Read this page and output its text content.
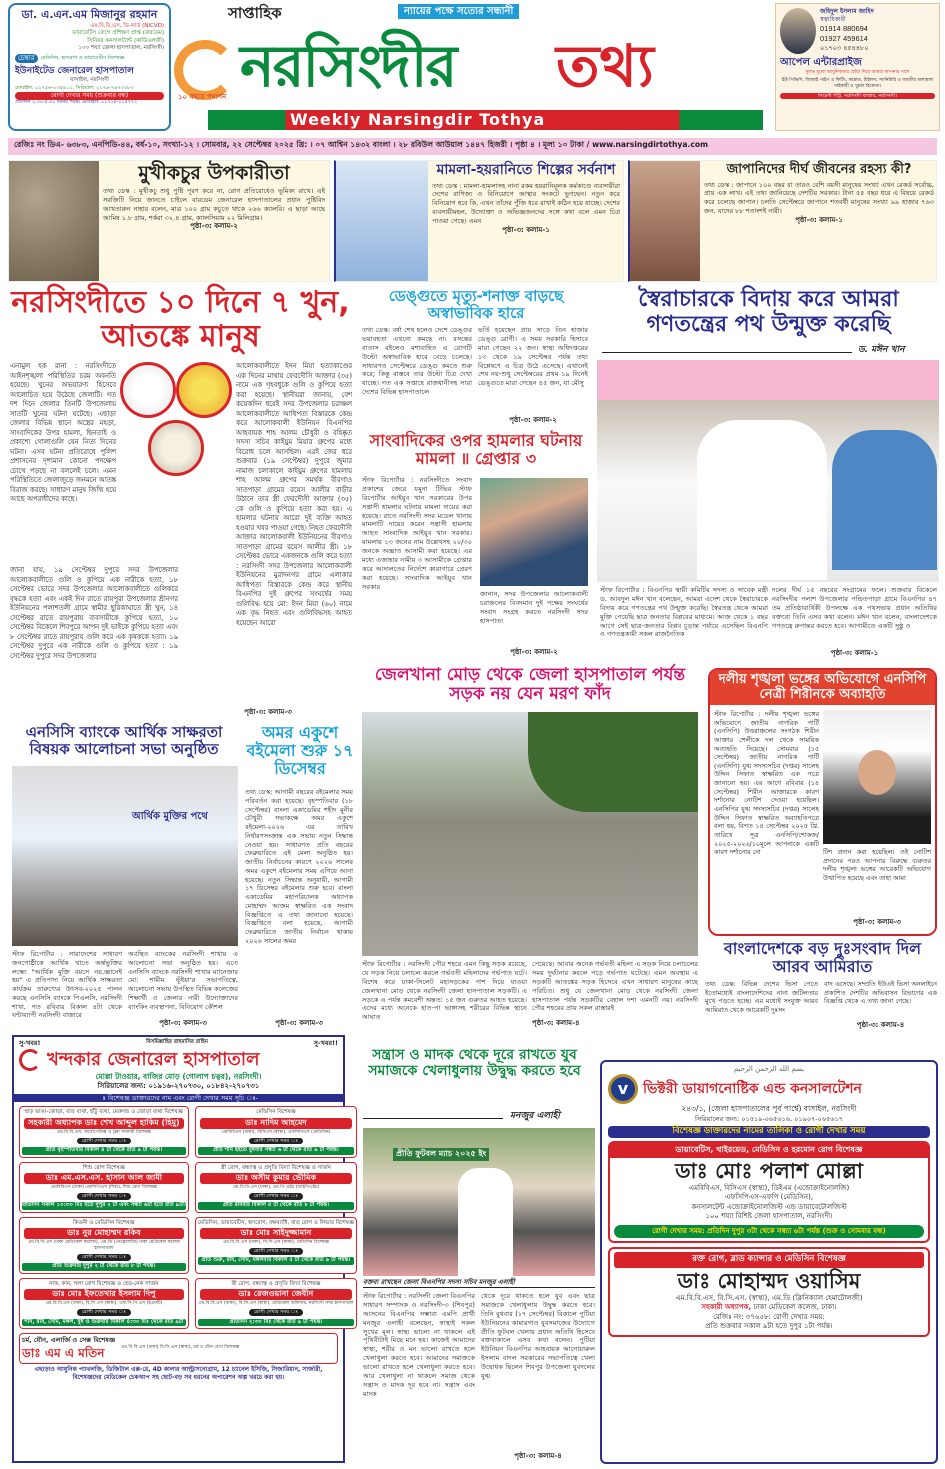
ডা. এ.এন.এম মিজানুর রহমান
এম,বি,বি,এস, ডি-কার্ড (NICVD)
ডায়াবেটিস রোগে প্রশিক্ষণ প্রাপ্ত (বারডেম)
সিনিয়র কনসালট্যান্ট (কার্ডিওলজী)
১০০ শয্যা জেলা হাসপাতাল, নরসিংদী।
চেম্বার	মেডিসিন, হৃদরোগ ও ডায়াবেটিস বিশেষজ্ঞ
ইউনাইটেড জেনারেল হাসপাতাল
বাসাইল, নরসিংদী
মোবাইল: ০১৭৫৬-০৩৫৪১০, সিরিয়াল: ০১৭৯-৭৪৭৩৩৮৩
রোগী দেখার সময় (শুক্রবার বন্ধ)
প্রতিদিন ২.৩০-৫.৩০ মিনিট পর্যন্ত। মোবাইল: ০১৭১৫-০২৫৭৭২
সাপ্তাহিক
১০ বছরে পদার্পন নরসিংদীর তথ্য
ন্যায়ের পক্ষে সত্যের সন্ধানী
Weekly Narsingdir Tothya
জহিদুল ইসলাম জাহিদ
স্বত্বাধিকারী
01914 880694
01927 459614
০১৭০৩ ৪৫৪৪৮০
আপেল এন্টারপ্রাইজ
সুলভ মূল্যে আধুনিকতার ছোঁয়া নিয়ে আমরা আপনার পাশে
ইউ পিভিসি, জিআই পাইপ ও ফিটিং, কমোড, টাইলস, স্যানিটারি ও যাবতীয় মালামাল পাইকারী ও খুচরা বিক্রেতা।
সিমেন্ট পট্টি, নরসিংদী বাজার, নরসিংদী।
রেজিঃ নং ডিএ- ৬৩৮৩, এনপিডি-৪৪, বর্ষ-১০, সংখ্যা-১২ । সোমবার, ২২ সেপ্টেম্বর ২০২৫ খ্রি: । ০৭ আশ্বিন ১৪৩২ বাংলা । ২৮ রবিউল আউয়াল ১৪৪৭ হিজরী । পৃষ্ঠা ৪ । মূল্য ১০ টাকা / www.narsingdirtothya.com
মুখীকচুর উপকারীতা
তথ্য ডেস্ক : মুখীকচু শুধু পুষ্টি পূরণ করে না, রোগ প্রতিরোধেও ভূমিকা রাখে। এই সবজিটি নিয়ে জানতে চাইলে বারডেম জেনারেল হাসপাতালের প্রধান পুষ্টিবিদ আখতারুন নাহার বলেন, মাত্র ১০০ গ্রাম কচুতে থাকে ২৬৬ ক্যালরি। এ ছাড়া আছে আমিষ ১.৮ গ্রাম, শর্করা ৩২.৪ গ্রাম, ক্যালসিয়াম ২২ মিলিগ্রাম।
পৃষ্ঠা-৩: কলাম-২
মামলা-হয়রানিতে শিল্পের সর্বনাশ
তথ্য ডেস্ক : মামলা-হামলাসহ নানা রকম হয়রানিমূলক কর্মকাণ্ডে ব্যবসায়ীরা দেশের বাণিজ্য ও বিনিয়োগে আস্থার সংকটে ভুগছেন। নতুন করে বিনিয়োগ হবে কি, এখন তাঁদের পুঁজি ধরে রাখাই কঠিন হয়ে যাচ্ছে। দেশের ব্যবসায়ীমহল, উদ্যোক্তা ও অভিজ্ঞজনদের সঙ্গে কথা বলে এমন চিত্র পাওয়া গেছে। এমন
পৃষ্ঠা-৩: কলাম-১
জাপানিদের দীর্ঘ জীবনের রহস্য কী?
তথ্য ডেস্ক : জাপানে ১০০ বছর বা তারও বেশি বয়সী মানুষের সংখ্যা এখন রেকর্ড সর্বোচ্চ, প্রায় এক লাখ। এই তথ্য জানিয়েছে দেশটির সরকার। টানা ৫৫ বছর ধরে এ বিষয়ে রেকর্ড করে চলেছে জাপান। চলতি সেপ্টেম্বরে জাপানে শতবর্ষী মানুষের সংখ্যা ৯৯ হাজার ৭৬৩ জন, যাদের ৮৮ শতাংশই নারী।
পৃষ্ঠা-৩: কলাম-১
নরসিংদীতে ১০ দিনে ৭ খুন, আতঙ্কে মানুষ
এনামুল হক রানা : নরসিংদীতে আইনশৃঙ্খলা পরিস্থিতির চরম অবনতি হয়েছে। খুনের অভয়ারণ্য হিসেবে আলোচিত হয়ে উঠেছে জেলাটি। গত দশ দিনে জেলার তিনটি উপজেলায় সাতটি খুনের ঘটনা ঘটেছে। এছাড়া জেলার বিভিন্ন স্থানে অস্ত্রের মহড়া, সাংবাদিকের উপর হামলা, ছিনতাই ও প্রকাশ্যে গোলাগুলি যেন নিত্য দিনের ঘটনা। এসব ঘটনা প্রতিরোধে পুলিশ প্রশাসনের দৃশ্যমান কোনো পদক্ষেপ চোখে পড়ছে না বললেই চলে। এমন পরিস্থিতিতে জেলাজুড়ে জনমনে আতঙ্ক বিরাজ করছে। সাধারণ মানুষ জিম্মি হয়ে আছে অপরাধীদের কাছে।
জানা যায়, ১৯ সেপ্টেম্বর দুপুরে সদর উপজেলার আলোকবালীতে গুলি ও কুপিয়ে এক নারীকে হত্যা, ১৮ সেপ্টেম্বর ভোরে সদর উপজেলার আলোকবালীতে গুলিকরে বৃদ্ধকে হত্যা এবং একই দিন রাতে রায়পুরা উপজেলার শ্রীনগর ইউনিয়নের পলাশতলী গ্রামে স্বামীর ছুরিকাঘাতে স্ত্রী খুন, ১৪ সেপ্টেম্বর রাতে রায়পুরায় ব্যবসায়ীকে কুপিয়ে হত্যা, ১০ সেপ্টেম্বর বিকেলে শিবপুরে আপন দুই ভাইকে কুপিয়ে হত্যা এবং ৮ সেপ্টেম্বর রাতে রায়পুরায় গুলি করে এক কৃষককে হত্যা। ১৯ সেপ্টেম্বর দুপুরে এক নারীকে গুলি ও কুপিয়ে হত্যা : ১৯ সেপ্টেম্বর দুপুরে সদর উপজেলার
আলোকবালীতে ইদন মিয়া হত্যাকাণ্ডের এক দিনের মাথায় ফেরদৌসি আক্তার (৩৫) নামে এক গৃহবধুকে গুলি ও কুপিয়ে হত্যা করা হয়েছে। স্থানীয়রা জানায়, বেশ কয়েকদিন ধরেই সদর উপজেলার চরাঞ্চল আলোকবালীতে আধিপত্য বিস্তারকে কেন্দ্র করে আলোকবালী ইউনিয়ন বিএনপির আহবায়ক শাহ আলম চৌধুরী ও বহিষ্কৃত সদস্য সচিব কাইয়ুম মিয়ার গ্রুপের মধ্যে বিরোধ চলে আসছিল। এরই জের ধরে শুক্রবার (১৯ সেপ্টেম্বর) দুপুরে জুমার নামাজ চলাকালে কাইয়ুম গ্রুপের হামলায় শাহ আলম গ্রুপের সমর্থক বীরগাও সাতপাড়া গ্রামের রয়েস আলীর বাড়ীর উঠানে তার স্ত্রী ফেরদৌসী আক্তার (৩৫) কে গুলি ও কুপিয়ে হত্যা করা হয়। এ হামলার ঘটনায় আরো দুই ব্যক্তি আহত হওয়ার খবর পাওয়া গেছে। নিহত ফেরদৌসী আক্তার আলোকবালী ইউনিয়নের বীরগাও সাতপাড়া গ্রামের রয়েস আলীর স্ত্রী। ১৮ সেপ্টেম্বর ভোরে একজনকে গুলি করে হত্যা : নরসিংদী সদর উপজেলার আলোকবালী ইউনিয়নের মুরাদনগর গ্রামে এলাকার আধিপত্য বিস্তারকে কেন্দ্র করে স্থানীয় বিএনপির দুই গ্রুপের সংঘর্ষের সময় গুলিবিদ্ধ হয়ে মো: ইদন মিয়া (৬০) নামে এক বৃদ্ধ নিহত এবং গুলিবিদ্ধসহ আহত হয়েছেন আরো
পৃষ্ঠা-৩: কলাম-৩
ডেঙ্গুতে মৃত্যু-শনাক্ত বাড়ছে অস্বাভাবিক হারে
তথ্য ডেস্ক: বর্ষা শেষ হলেও দেশে ডেঙ্গুর ভয়াবহতা এখনো কমছে না। বসন্তের বাতাস বইলেও মশাবাহিত এ রোগটি উল্টো অস্বাভাবিক হারে বেড়ে চলেছে। সাধারণত সেপ্টেম্বরে ডেঙ্গু কমতে শুরু করে; কিন্তু বাস্তবে তার উল্টো চিত্র দেখা যাচ্ছে। গত এক সপ্তাহে রাজধানীসহ সারা দেশের বিভিন্ন হাসপাতালে
ভর্তি হয়েছেন প্রায় সাড়ে তিন হাজার ডেঙ্গু রোগী। এ সময় সরকারি হিসাবে মারা গেছেন ২২ জন। স্বাস্থ্য অধিদপ্তরের ১৩ থেকে ১৯ সেপ্টেম্বর পর্যন্ত তথ্য বিশ্লেষণে এ চিত্র উঠে এসেছে। এখানেই শেষ নয়-শুধু সেপ্টেম্বরের প্রথম ১৯ দিনেই ডেঙ্গুতে মারা গেছেন ৪৫ জন, যা মৌসু
পৃষ্ঠা-৩: কলাম-২
সাংবাদিকের ওপর হামলার ঘটনায় মামলা ॥ গ্রেপ্তার ৩
স্টাফ রিপোর্টার : নরসিংদীতে সংবাদ প্রকাশের জেরে যমুনা টিভির স্টাফ রিপোর্টার আইয়ুব খান সরকারের উপর সন্ত্রাসী হামলার ঘটনায় মামলা দায়ের করা হয়েছে। রাতে নরসিংদী সদর মডেল থানায় মামলাটি দায়ের করেন সন্ত্রাসী হামলায় আহত সাংবাদিক আইয়ুব খান সরকার। মামলায় ১৩ জনের নাম উল্লেখসহ ২০/৩০ জনকে অজ্ঞাত আসামী করা হয়েছে। এর মধ্যে এজাহার নামীয় ৩ আসামীকে গ্রেপ্তার করে আদালতের নির্দেশে কারাগারে প্রেরণ করা হয়েছে। সাংবাদিক আইয়ুব খান সরকার
জানান, সদর উপজেলার আলোকবালী চরাঞ্চলের বিবদমান দুই পক্ষের সংঘর্ষের সংবাদ সংগ্রহ করতে নরসিংদী সদর হাসপাতা
পৃষ্ঠা-৩: কলাম-২
স্বৈরাচারকে বিদায় করে আমরা গণতন্ত্রের পথ উন্মুক্ত করেছি
ড. মঈন খান
স্টাফ রিপোর্টার : বিএনপির স্থায়ী কমিটির সদস্য ও সাবেক মন্ত্রী ড. আবদুল মঈন খান বলেছেন, আমরা এদেশ থেকে স্বৈরাচারকে বিদায় করে গণতন্ত্রের পথ উন্মুক্ত করেছি। স্বৈরতন্ত্র থেকে আমরা মুক্তি পেয়েছি ছাত্র জনতার বিপ্লবের মাধ্যমে। আজ থেকে ১ বছর আগে সেই ছাত্র-জনতার বিপ্লব চূড়ান্ত পর্যায়ে এসেছিল বিএনপি ও গণতন্ত্রকামী সকল রাজনৈতিক
দলের দীর্ঘ ১৫ বছরের সংগ্রামের ফলে। শুক্রবার বিকেলে নরসিংদীর পলাশ উপজেলার পন্ডিতপাড়া গ্রামে বিএনপির ৪৭ তম প্রতিষ্ঠাবার্ষিকী উপলক্ষে এক পথসভায় প্রধান অতিথির বক্তব্যে তিনি এসব কথা বলেন। মঈন খান বলেন, বাংলাদেশকে গণতন্ত্রে রুপান্তর করতে হবে। আগামীতে একটি সুষ্ঠু ও
পৃষ্ঠা-৩: কলাম-১
জেলখানা মোড় থেকে জেলা হাসপাতাল পর্যন্ত সড়ক নয় যেন মরণ ফাঁদ
স্টাফ রিপোর্টার : নরসিংদী পৌর শহরে এমন কিছু সড়ক রয়েছে, যে সড়ক নিয়ে চলাচল করলে গর্ভবতী মহিলাদের গর্ভপাত ঘটে। বিশেষ করে ঢাকা-সিলেট মহাসড়কের পাশ দিয়ে যাওয়া জেলখানা মোড় থেকে নরসিংদী জেলা হাসপাতাল সড়কটি। এ সড়কে এ পর্যন্ত কমবেশী অন্তত: ১৫ জন গুরুতর আহত হয়েছে। এদের মধ্যে অনেকে হাত-পা ভাঙ্গাসহ শরীরের বিভিন্ন স্থানে আঘাত
পেয়েছে। আবার অনেক গর্ভবতী মহিলা এ সড়ক নিয়ে চলাচলের সময় দুর্ঘটনার কবলে পড়ে গর্ভপাত ঘটেছে। এমন অবস্থায় এ সড়কটি আতঙ্কের সড়ক হিসেবে এখন সাধারণ মানুষের কাছে পরিচিত। শুধু যে জেলখানা মোড় থেকে নরসিংদী জেলা হাসপাতাল পর্যন্ত সড়কটির বেহাল দশা এমনটি নয়। নরসিংদী পৌর শহরের প্রায় সকল রাস্তারই
পৃষ্ঠা-৩: কলাম-৪
দলীয় শৃঙ্খলা ভঙ্গের অভিযোগে এনসিপি নেত্রী শিরীনকে অব্যাহতি
স্টাফ রিপোর্টার : দলীয় শৃঙ্খলা ভঙ্গের অভিযোগে জাতীয় নাগরিক পার্টি (এনসিপি) উত্তরাঞ্চলের সংগঠক শিরীন আক্তার শেলীকে দল থেকে সাময়িক অব্যাহতি দিয়েছে। সোমবার (১৫ সেপ্টেম্বর) জাতীয় নাগরিক পার্টি (এনসিপি) যুগ্ম সদস্যসচিব (দপ্তর) সালেহ উদ্দিন সিফাত স্বাক্ষরিত এক পত্রে জানানো হয়। এর আগে রবিবার (১৪ সেপ্টেম্বর) শিরীন আক্তারকে কারণ দর্শানোর নোটিশ দেওয়া হয়েছিল। এনসিপির যুগ্ম সদস্যসচিব (দপ্তর) সালেহ উদ্দিন সিফাত স্বাক্ষরিত অব্যাহতিপত্রে বলা হয়, বিগত ১৪ সেপ্টেম্বর ২০২৫ খ্রি. তারিখে সূত্র এনসিপি/শোকজ/২০২৫-২০২৬/১০মূলে আপনাকে একটি কারণ দর্শানোর নো	টিশ প্রদান করা হয়েছিল। ওই নোটিশ প্রদানের পরও আপনার বিরুদ্ধে গুরুতর দলীয় শৃঙ্খলা ভঙ্গের আরেকটি অভিযোগ উত্থাপিত হয়েছে এবং তাহা আমা
পৃষ্ঠা-৩: কলাম-৩
বাংলাদেশকে বড় দুঃসংবাদ দিল আরব আমিরাত
তথ্য ডেস্ক: বিভিন্ন দেশের ভিসা পেতে ইতোমধ্যেই বাংলাদেশিদের নানা জটিলতার মুখে পড়তে হচ্ছে। এর মধ্যেই সংযুক্ত আরব আমিরাত থেকে আরেকটি দুঃসং
বাদ এসেছে। সম্প্রতি ইউএই ভিসা অনলাইনে প্রকাশিত দেশটির অভিবাসন বিভাগের এক বিজ্ঞপ্তি থেকে এ তথ্য জানা গেছে।
পৃষ্ঠা-৩: কলাম-৪
এনসিসি ব্যাংকে আর্থিক সাক্ষরতা বিষয়ক আলোচনা সভা অনুষ্ঠিত
আর্থিক মুক্তির পথে
স্টাফ রিপোর্টার : সারাদেশের সাধারণ জনগোষ্ঠীকে আর্থিক খাতে অর্ন্তভুক্তির লক্ষ্যে "আর্থিক মুক্তি বয়সে নয়,জ্ঞানেই হয়" এ প্রতিপাদ্য নিয়ে আর্থিক সাক্ষরতা কার্যক্রম তারুণ্যের উৎসব-২০২৫ পালন করছে এনসিসি ব্যাংকে পিএলসি, নরসিংদী শাখা, গত রবিবার বিকাল ৪টা থেকে ঘন্টাব্যাপী নরসিংদী বাজারে
অবস্থিত ব্যাংকের নরসিংদী শাখায় এ আলোচনা সভা অনুষ্ঠিত হয়। এতে এনসিসি ব্যাংকে নরসিংদী শাখার ম্যানেজার মো: শামীম ভূঁইয়া'র সভাপতিত্বে, আলোচনা সভায় উপস্থিত বিভিন্ন কলেজের শিক্ষার্থী ও জেলার নারী উদ্যোক্তাদের ব্যাংকিং ব্যবস্থাপনা, বিনিয়োগ কৌশল
পৃষ্ঠা-৩: কলাম-৩
অমর একুশে বইমেলা শুরু ১৭ ডিসেম্বর
তথ্য ডেস্ক: আগামী বছরের বইমেলার সময় পরিবর্তন করা হয়েছে। বৃহস্পতিবার (১৮ সেপ্টেম্বর) বাংলা একাডেমির শহীদ মুনীর চৌধুরী সভাকক্ষে অমর একুশে বইমেলা-২০২৬ এর তারিখ নির্ধারণসংক্রান্ত এক সভায় নতুন সিদ্ধান্ত নেওয়া হয়। সাধারণত প্রতি বছরের ফেব্রুয়ারিতে এই মেলা অনুষ্ঠিত হয়। জাতীয় নির্বাচনের কারণে ২০২৬ সালের অমর একুশে বইমেলার সময় এগিয়ে আনা হয়েছে। নতুন সিদ্ধান্ত অনুযায়ী, আগামী ১৭ ডিসেম্বর বইমেলার শুরু হবে। বাংলা একাডেমির মহাপরিচালক অধ্যাপক মোহাম্মদ আজম স্বাক্ষরিত এক সংবাদ বিজ্ঞপ্তিতে এ তথ্য জানানো হয়েছে। বিজ্ঞপ্তিতে বলা হয়েছে, আগামী ফেব্রুয়ারিতে জাতীয় নির্বাচন থাকায় ২০২৬ সালের অমর
পৃষ্ঠা-৩: কলাম-৩
সু-খবর!	বিসমিল্লাহির রাহমানির রাহিম	সু-খবর!!
খন্দকার জেনারেল হাসপাতাল
মোল্লা টাওয়ার, বাজির মোড় (গোলাপ চত্বর), নরসিংদী।
সিরিয়ালের জন্য: ০১৯১৬-২৭০৭৩০, ০১৮৪২-২৭০৭৩১
-ঃ বিশেষজ্ঞ ডাক্তারদের নাম এবং রোগী দেখার সময় সূচি ঃ-
হাড় ভাঙা-জোড়া, বাত ব্যথা, হাঁটু ব্যথা, মেরুদন্ড ও জোড়া ব্যথা বিশেষজ্ঞ
সহকারী অধ্যাপক ডাঃ শেখ আব্দুল হাকিম (হিমু)
এম.বি.বি.এস, অর্থোপেডিক্স ও ট্রমা সার্জারী বিশেষজ্ঞ
রোগী দেখার সময় ঃ
প্রতি বৃহস্পতিবার বিকাল ৪ টা থেকে রাত ৯ টা পর্যন্ত।
মেডিসিন বিশেষজ্ঞ
ডাঃ নাদিম আহমেদ
এমবিবিএস (ঢাকা), বিসিএস (স্বাস্থ্য), এফসিপিএস (মেডিসিন)
রোগী দেখার সময় ঃ
প্রতি শনি হইতে বুধবার সন্ধ্যা ৬ টা থেকে রাত ৯ টা পর্যন্ত।
শিশু রোগ বিশেষজ্ঞ
ডাঃ এম.এস.এস. হাসান আল জামী
এমবিবিএস (ঢাকা) এফসিপিএস (শিশু), শিশু রোগ বিশেষজ্ঞ
রোগী দেখার সময় ঃ
প্রতিদিন সকাল ১০:৩০ মিঃ হতে দুপুর ২ টা এবং সন্ধ্যা ৬টা হতে রাত ৯টা।
স্ত্রী রোগ, বন্ধ্যাত্ব ও প্রসূতি বিদ্যা বিশেষজ্ঞ ও সার্জন
ডাঃ অসীম কুমার ভৌমিক
এম.বি.বি.এস (ঢাকা), এম.পি.এইচ (আইপিএইচ)
রোগী দেখার সময় ঃ
প্রতি রবিবার বিকাল ৫ টা থেকে রাত ৮ টা পর্যন্ত।
কিডনী ও মেডিসিন বিশেষজ্ঞ
ডাঃ নুর মোহাম্মদ রকিব
এম.বি.বি.এস (ঢাকা মেডিকেল কলেজ), এম.ডি (নেফ্রোলজি) ঢাকা মেডিকেল কলেজ হাসপাতাল
রোগী দেখার সময় ঃ
প্রতি শুক্রবার দুপুর ২ টা থেকে রাত ৮ টা পর্যন্ত।
মেডিসিন, ডায়াবেটিস, হৃদরোগ, বক্ষব্যাধি, বাত রোগ ও লিভার বিশেষজ্ঞ
ডাঃ মোঃ সাইদুজ্জামান
এম.বি.বি.এস (ঢাকা), বি.সি.এস (স্বাস্থ্য), মেডিসিন বিশেষজ্ঞ
রোগী দেখার সময় ঃ
প্রতি শুক্র, রবি, সোম, মঙ্গলবার বিকাল ৫ টা থেকে রাত ৯ টা পর্যন্ত।
নাক, কান, গলা রোগ বিশেষজ্ঞ ও হেড-নেক সার্জন
ডাঃ মোঃ ইফতেখার ইসলাম দিপু
এম.বি.বি.এস (ঢাকা), বি.সি.এস (স্বাস্থ্য), এফ.সি.পি.এস (ইএনটি)
রোগী দেখার সময় ঃ
শনি, রবি, সোম, মঙ্গল, বুধ ও শুক্রবার বিকাল ৪:৩০ মিঃ থেকে রাত ৯টা
স্ত্রী রোগ, বন্ধ্যাত্ব ও প্রসূতি বিদ্যা বিশেষজ্ঞ
ডাঃ রেজওয়ানা জেবীন
এম.বি.বি.এস (ঢাকা), বি.সি.এস (স্বাস্থ্য), মেডিকেল অফিসার, নরসিংদী সদর হাসপাতাল
রোগী দেখার সময় ঃ
প্রতিদিন ২:৩০ মিঃ থেকে রাত ৯ টা পর্যন্ত।
চর্ম, যৌন, এলার্জি ও সেক্স বিশেষজ্ঞ
ডাঃ এম এ মতিন	এম.বি.বি.এস (ঢাকা) বি.সি.এস (স্বাস্থ্য), চর্ম ও যৌন রোগ বিশেষজ্ঞ
এছাড়াও আধুনিক প্যাথলজি, ডিজিটাল এক্স-রে, 4D কালার আল্ট্রাসনোগ্রাম, 12 চ্যানেল ইসিজি, সিজারিয়ান, সার্জারী, বিশেষজ্ঞদের মেডিকেল চেকআপ সহ ছোট-বড় সব ধরনের অপারেশন অল্প খরচে করা হয়।
সন্ত্রাস ও মাদক থেকে দূরে রাখতে যুব সমাজকে খেলাধুলায় উদ্বুদ্ধ করতে হবে
মনজুর এলাহী
প্রীতি ফুটবল ম্যাচ ২০২৫ ইং
বক্তব্য রাখছেন জেলা বিএনপির সদস্য সচিব মনজুর এলাহী
স্টাফ রিপোর্টার : নরসিংদী জেলা বিএনপির সাধারণ সম্পাদক ও নরসিংদী-৩ (শিবপুর) আসনের বিএনপির সম্ভাব্য এমপি প্রার্থী মনজুর এলাহী বলেছেন, স্বাস্থ্যই সকল সুখের মূল। স্বাস্থ্য ভালো না থাকলে এই পৃথিবীটাই মিছে মনে হয়। কাজেই আমাদের স্বাস্থ্য, শরীর ও মন ভালো রাখতে হলে খেলাধুলা করতে হবে। আমাদের সমাজকে ভালো রাখতে হলে খেলাধুলা করতে হবে। আর খেলাধুলা না থাকলে সমাজ থেকে সন্ত্রাস ও মাদক দূর হবে না। সন্ত্রাস এবং মাদক
থেকে দূরে থাকতে হলে যুব এবং ছাত্র সমাজকে খেলাধুলায় উদ্বুদ্ধ করতে হবে। তিনি বুধবার (১৭ সেপ্টেম্বর) বিকালে পুটিয়া ইউনিয়নের কামারগাও যুবসমাজের উদ্যোগে প্রীতি ফুটবল খেলায় প্রধান অতিথি হিসেবে বক্তব্যকালে এসব কথা বলেন। পুটিয়া ইউনিয়ন বিএনপির আহবায়ক আনোয়ারুল ইসলাম বাদল সরকারের সভাপতিত্বে খেলা উদ্বোধক ছিলেন শিবপুর উপজেলা যুবদলের যুগ্ম
পৃষ্ঠা-৩: কলাম-৪
بسم الله الرحمن الرحيم
v	ভিক্টরী ডায়াগনোষ্টিক এন্ড কনসালটেশন
২৪৩/১, (জেলা হাসপাতালের পূর্ব পার্শ্বে) বাসাইল, নরসিংদী
সিরিয়ালের জন্য: ০১৫১৯-০৬৫৬১৬, ০১৯০৭-০৬৫৬১৭
বিশেষজ্ঞ ডাক্তারদের নামের তালিকা ও রোগী দেখার সময়
ডায়াবেটিস, থাইরয়েড, মেডিসিন ও হরমোন রোগ বিশেষজ্ঞ
ডাঃ মোঃ পলাশ মোল্লা
এমবিবিএস, বিসিএস (স্বাস্থ্য), ডিইএম (এন্ডোক্রাইনোলজি)
এফসিপিএস-এফপি (মেডিসিন),
কনসালটেন্ট এন্ডোক্রাইনোলজিস্ট এন্ড ডায়াবেটোলজিস্ট
১০০ শয্যা বিশিষ্ট জেলা হাসপাতাল, নরসিংদী।
রোগী দেখার সময়: প্রতিদিন দুপুর ৩টা থেকে সন্ধ্যা ৬টা পর্যন্ত (শুক্র ও সোমবার বন্ধ)
রক্ত রোগ, ব্লাড ক্যান্সার ও মেডিসিন বিশেষজ্ঞ
ডাঃ মোহাম্মদ ওয়াসিম
এম.বি.বি.এস, বি.সি.এস. (স্বাস্থ্য), এম.ডি (ক্লিনিক্যাল হেমাটোলজী)
সহকারী অধ্যাপক, ঢাকা মেডিকেল কলেজ, ঢাকা।
রেজিঃ নং: ৩৭৬৫৮: রোগী দেখার সময়:
প্রতি শুক্রবার সকাল ৯টা হতে দুপুর ১টা পর্যন্ত।
